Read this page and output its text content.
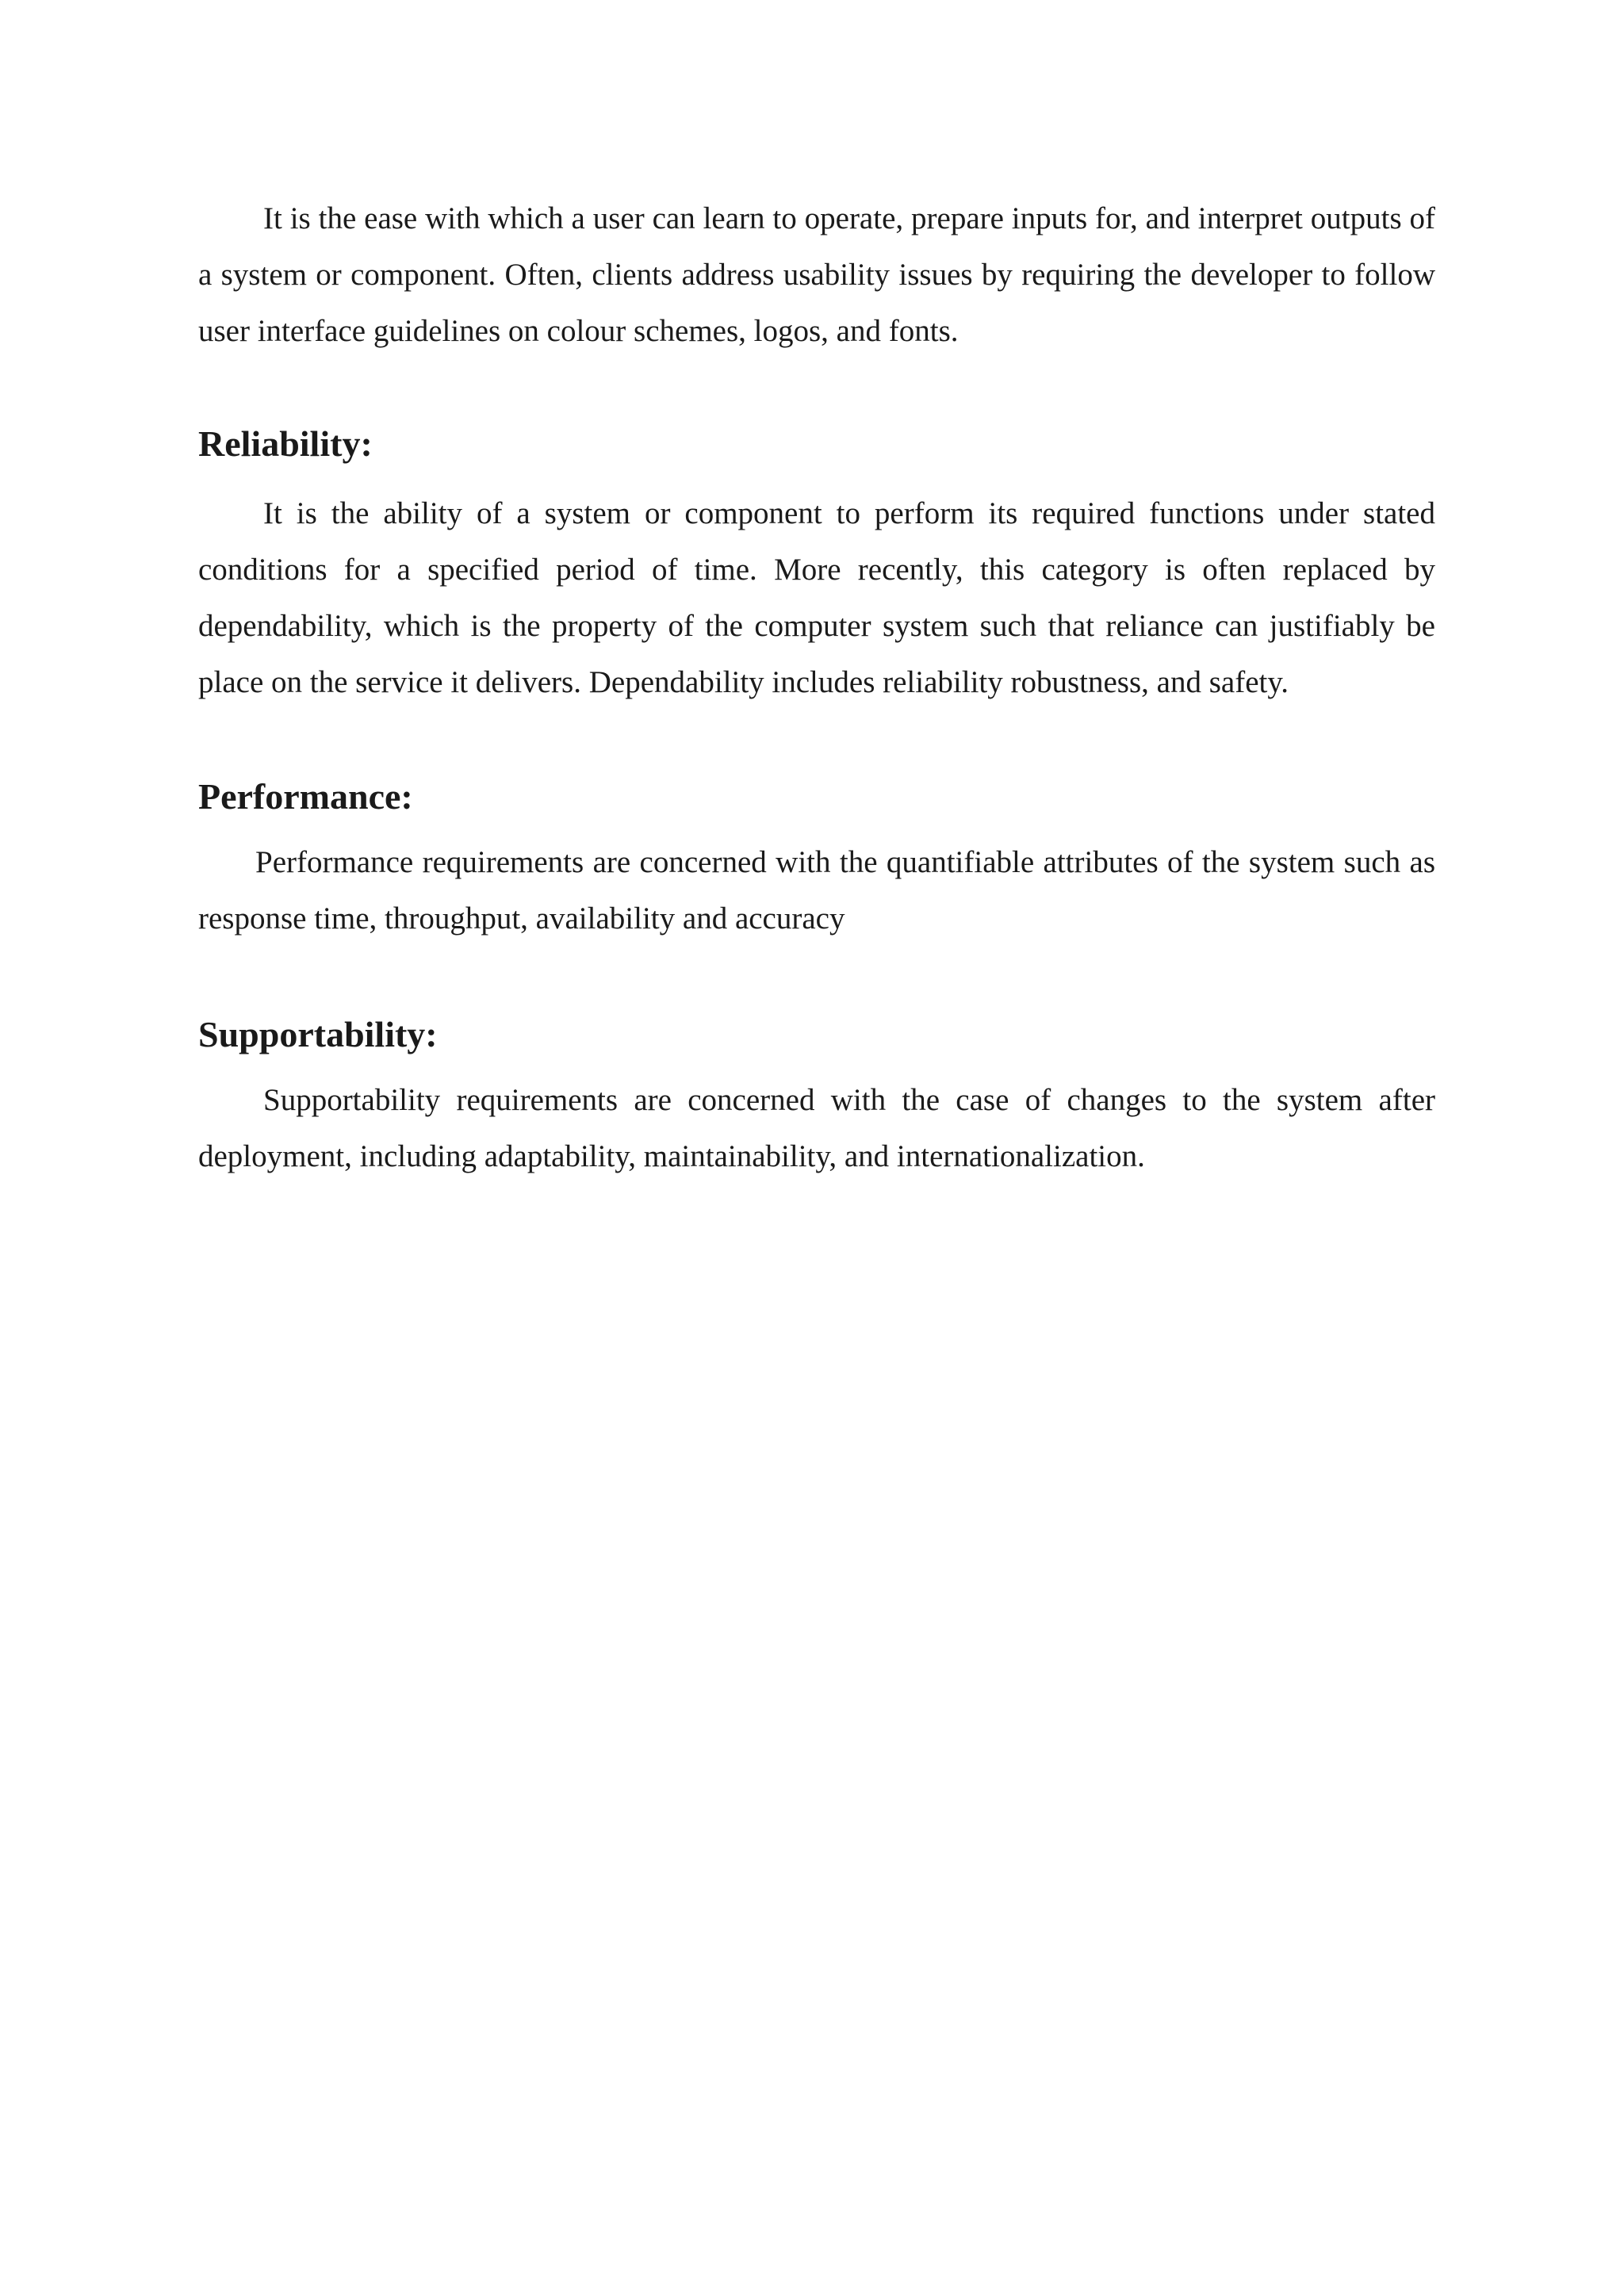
It is the ease with which a user can learn to operate, prepare inputs for, and interpret outputs of a system or component. Often, clients address usability issues by requiring the developer to follow user interface guidelines on colour schemes, logos, and fonts.

Reliability:

It is the ability of a system or component to perform its required functions under stated conditions for a specified period of time. More recently, this category is often replaced by dependability, which is the property of the computer system such that reliance can justifiably be place on the service it delivers. Dependability includes reliability robustness, and safety.

Performance:

Performance requirements are concerned with the quantifiable attributes of the system such as response time, throughput, availability and accuracy

Supportability:

Supportability requirements are concerned with the case of changes to the system after deployment, including adaptability, maintainability, and internationalization.
